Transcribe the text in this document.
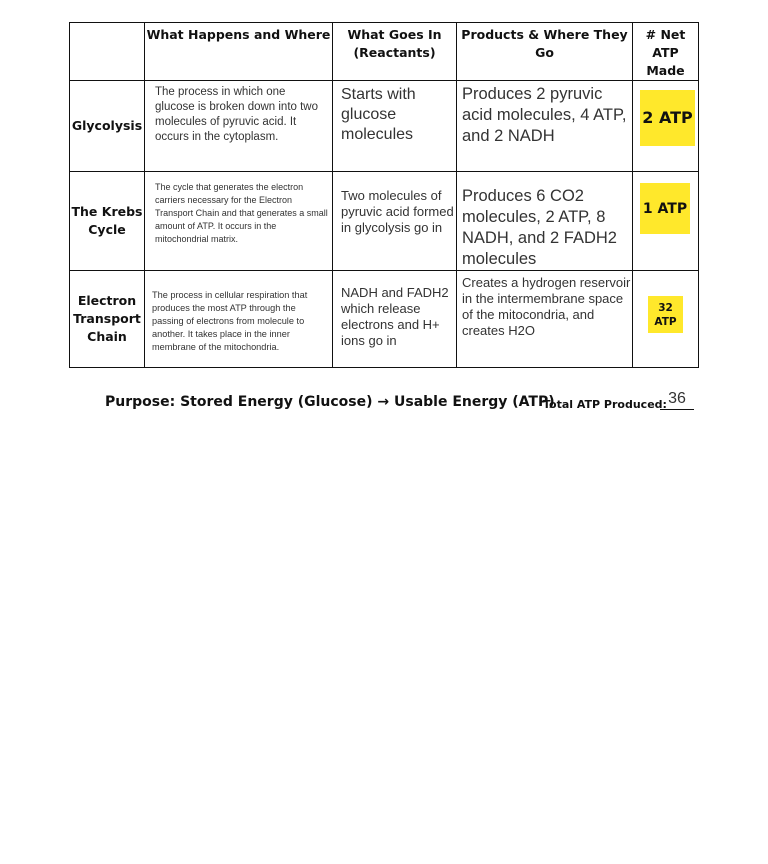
	What Happens and Where	What Goes In (Reactants)	Products & Where They Go	# Net ATP Made
Glycolysis	The process in which one glucose is broken down into two molecules of pyruvic acid. It occurs in the cytoplasm.	Starts with glucose molecules	Produces 2 pyruvic acid molecules, 4 ATP, and 2 NADH	2 ATP

The Krebs Cycle	The cycle that generates the electron carriers necessary for the Electron Transport Chain and that generates a small amount of ATP. It occurs in the mitochondrial matrix.	Two molecules of pyruvic acid formed in glycolysis go in	Produces 6 CO2 molecules, 2 ATP, 8 NADH, and 2 FADH2 molecules	1 ATP

Electron Transport Chain	The process in cellular respiration that produces the most ATP through the passing of electrons from molecule to another. It takes place in the inner membrane of the mitochondria.	NADH and FADH2 which release electrons and H+ ions go in	Creates a hydrogen reservoir in the intermembrane space of the mitocondria, and creates H2O	32 ATP
Purpose: Stored Energy (Glucose) → Usable Energy (ATP)
Total ATP Produced: 36
